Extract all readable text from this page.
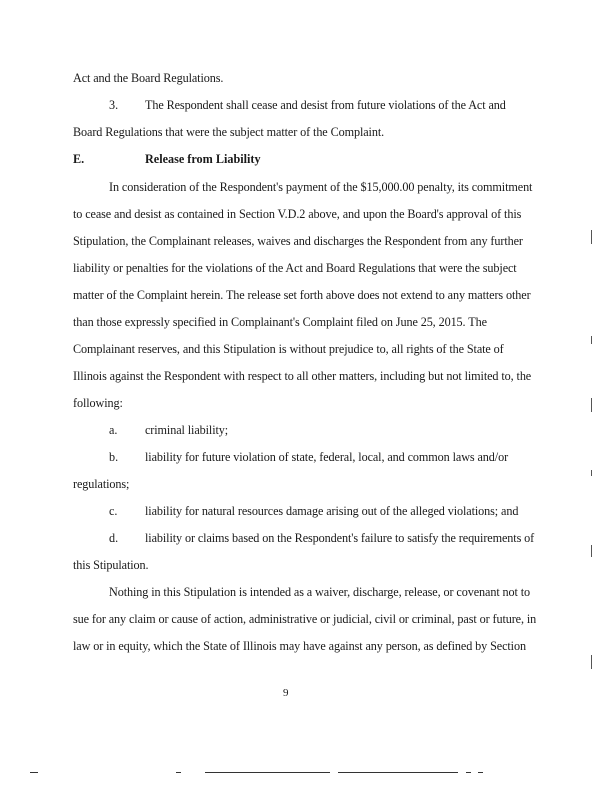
Act and the Board Regulations.
3. The Respondent shall cease and desist from future violations of the Act and
Board Regulations that were the subject matter of the Complaint.
E.	Release from Liability
In consideration of the Respondent's payment of the $15,000.00 penalty, its commitment
to cease and desist as contained in Section V.D.2 above, and upon the Board's approval of this
Stipulation, the Complainant releases, waives and discharges the Respondent from any further
liability or penalties for the violations of the Act and Board Regulations that were the subject
matter of the Complaint herein. The release set forth above does not extend to any matters other
than those expressly specified in Complainant's Complaint filed on June 25, 2015. The
Complainant reserves, and this Stipulation is without prejudice to, all rights of the State of
Illinois against the Respondent with respect to all other matters, including but not limited to, the
following:
a. criminal liability;
b. liability for future violation of state, federal, local, and common laws and/or
regulations;
c. liability for natural resources damage arising out of the alleged violations; and
d. liability or claims based on the Respondent's failure to satisfy the requirements of
this Stipulation.
Nothing in this Stipulation is intended as a waiver, discharge, release, or covenant not to
sue for any claim or cause of action, administrative or judicial, civil or criminal, past or future, in
law or in equity, which the State of Illinois may have against any person, as defined by Section
9
